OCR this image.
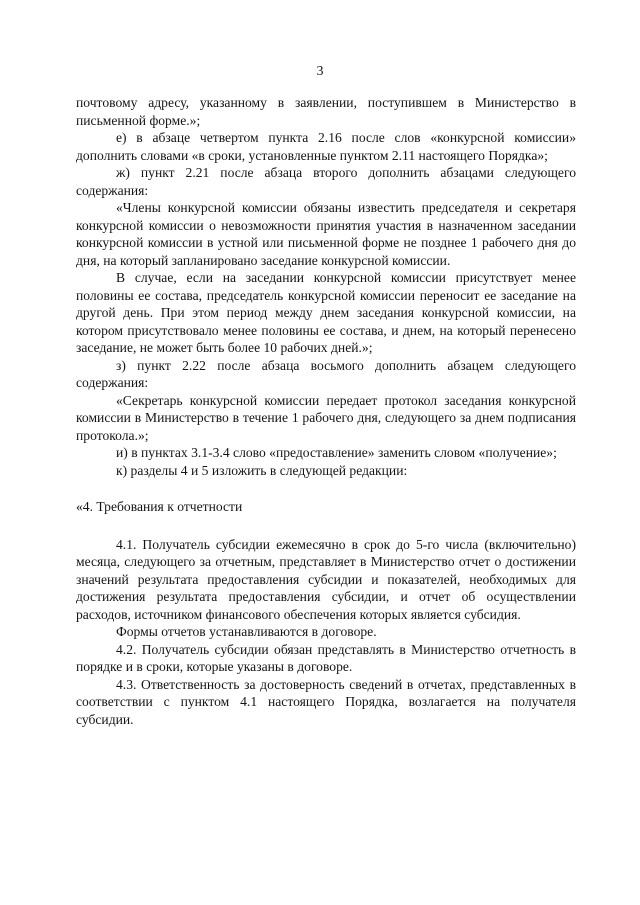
3

почтовому адресу, указанному в заявлении, поступившем в Министерство в письменной форме.»;

е) в абзаце четвертом пункта 2.16 после слов «конкурсной комиссии» дополнить словами «в сроки, установленные пунктом 2.11 настоящего Порядка»;

ж) пункт 2.21 после абзаца второго дополнить абзацами следующего содержания:

«Члены конкурсной комиссии обязаны известить председателя и секретаря конкурсной комиссии о невозможности принятия участия в назначенном заседании конкурсной комиссии в устной или письменной форме не позднее 1 рабочего дня до дня, на который запланировано заседание конкурсной комиссии.

В случае, если на заседании конкурсной комиссии присутствует менее половины ее состава, председатель конкурсной комиссии переносит ее заседание на другой день. При этом период между днем заседания конкурсной комиссии, на котором присутствовало менее половины ее состава, и днем, на который перенесено заседание, не может быть более 10 рабочих дней.»;

з) пункт 2.22 после абзаца восьмого дополнить абзацем следующего содержания:

«Секретарь конкурсной комиссии передает протокол заседания конкурсной комиссии в Министерство в течение 1 рабочего дня, следующего за днем подписания протокола.»;

и) в пунктах 3.1-3.4 слово «предоставление» заменить словом «получение»;

к) разделы 4 и 5 изложить в следующей редакции:

«4. Требования к отчетности

4.1. Получатель субсидии ежемесячно в срок до 5-го числа (включительно) месяца, следующего за отчетным, представляет в Министерство отчет о достижении значений результата предоставления субсидии и показателей, необходимых для достижения результата предоставления субсидии, и отчет об осуществлении расходов, источником финансового обеспечения которых является субсидия.

Формы отчетов устанавливаются в договоре.

4.2. Получатель субсидии обязан представлять в Министерство отчетность в порядке и в сроки, которые указаны в договоре.

4.3. Ответственность за достоверность сведений в отчетах, представленных в соответствии с пунктом 4.1 настоящего Порядка, возлагается на получателя субсидии.
